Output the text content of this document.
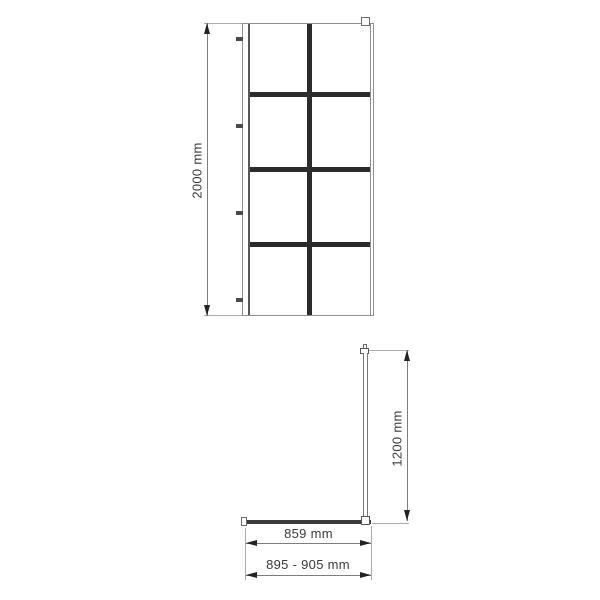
2000 mm
1200 mm
859 mm
895 - 905 mm
